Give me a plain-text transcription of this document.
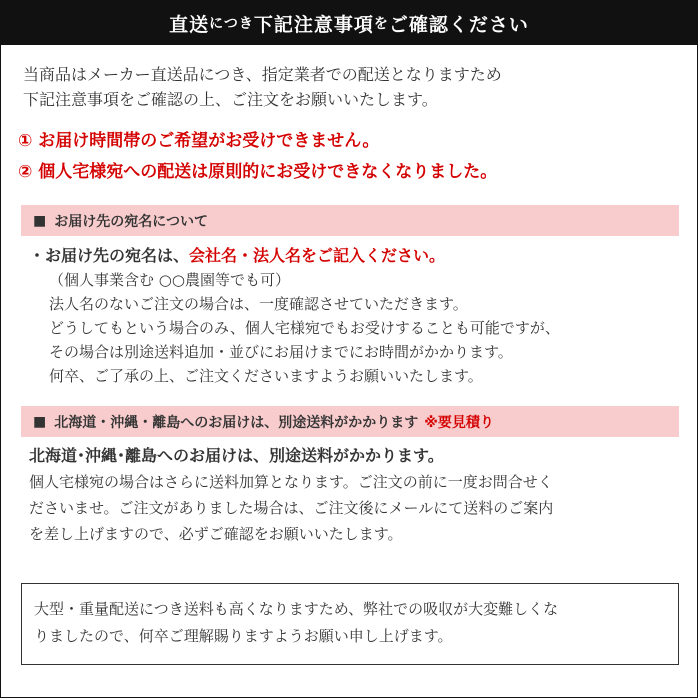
直送 につき 下記注意事項 を ご確認ください
当商品はメーカー直送品につき、指定業者での配送となりますため
下記注意事項をご確認の上、ご注文をお願いいたします。
① お届け時間帯のご希望がお受けできません。
② 個人宅様宛への配送は原則的にお受けできなくなりました。
■ お届け先の宛名について
・お届け先の宛名は、会社名・法人名をご記入ください。
（個人事業含む ○○農園等でも可）
法人名のないご注文の場合は、一度確認させていただきます。
どうしてもという場合のみ、個人宅様宛でもお受けすることも可能ですが、
その場合は別途送料追加・並びにお届けまでにお時間がかかります。
何卒、ご了承の上、ご注文くださいますようお願いいたします。
■ 北海道・沖縄・離島へのお届けは、別途送料がかかります ※要見積り
北海道･沖縄･離島へのお届けは、別途送料がかかります。
個人宅様宛の場合はさらに送料加算となります。ご注文の前に一度お問合せく
ださいませ。ご注文がありました場合は、ご注文後にメールにて送料のご案内
を差し上げますので、必ずご確認をお願いいたします。
大型・重量配送につき送料も高くなりますため、弊社での吸収が大変難しくな
りましたので、何卒ご理解賜りますようお願い申し上げます。
